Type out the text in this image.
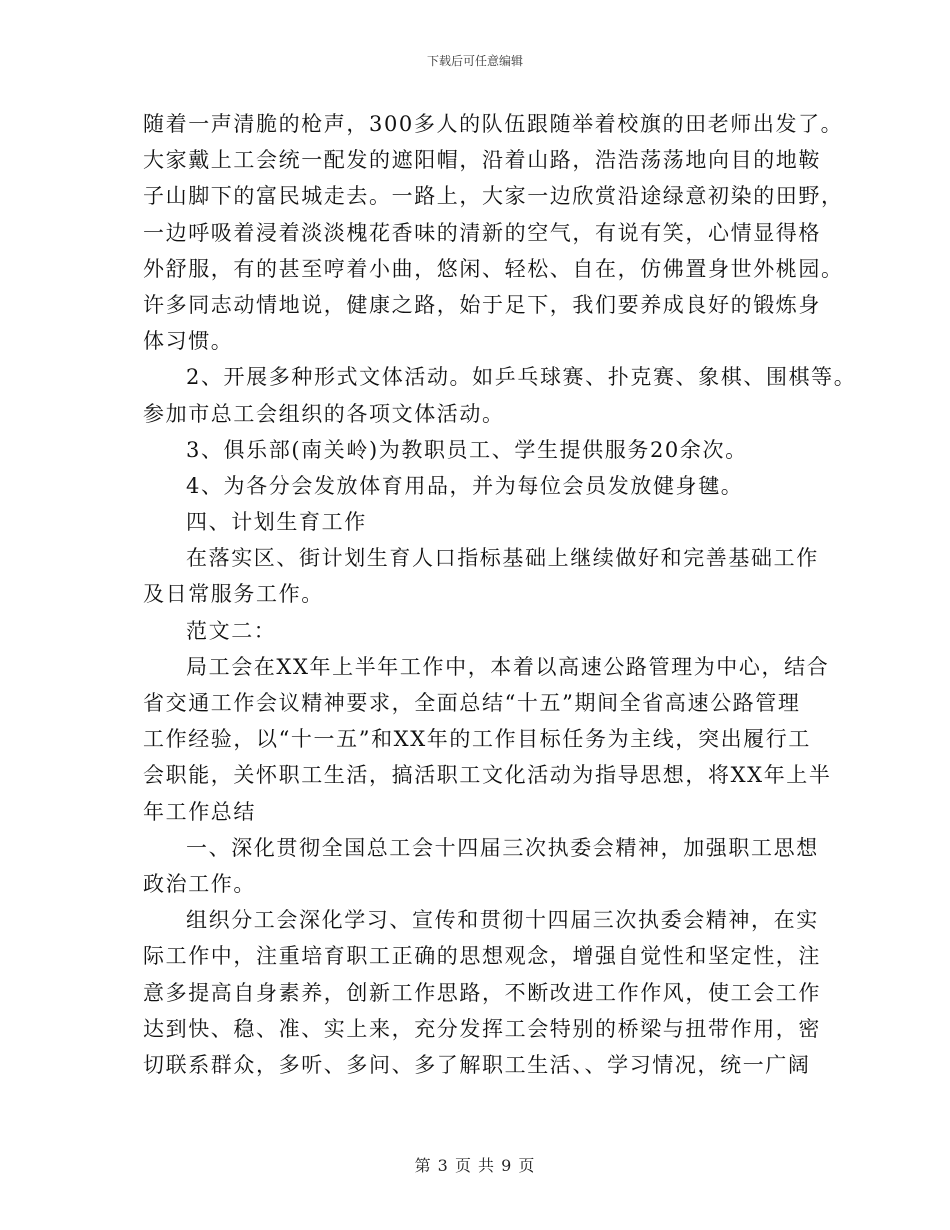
下载后可任意编辑
随着一声清脆的枪声，300多人的队伍跟随举着校旗的田老师出发了。
大家戴上工会统一配发的遮阳帽，沿着山路，浩浩荡荡地向目的地鞍
子山脚下的富民城走去。一路上，大家一边欣赏沿途绿意初染的田野，
一边呼吸着浸着淡淡槐花香味的清新的空气，有说有笑，心情显得格
外舒服，有的甚至哼着小曲，悠闲、轻松、自在，仿佛置身世外桃园。
许多同志动情地说，健康之路，始于足下，我们要养成良好的锻炼身
体习惯。
2、开展多种形式文体活动。如乒乓球赛、扑克赛、象棋、围棋等。
参加市总工会组织的各项文体活动。
3、俱乐部(南关岭)为教职员工、学生提供服务20余次。
4、为各分会发放体育用品，并为每位会员发放健身毽。
四、计划生育工作
在落实区、街计划生育人口指标基础上继续做好和完善基础工作
及日常服务工作。
范文二：
局工会在XX年上半年工作中，本着以高速公路管理为中心，结合
省交通工作会议精神要求，全面总结“十五”期间全省高速公路管理
工作经验，以“十一五”和XX年的工作目标任务为主线，突出履行工
会职能，关怀职工生活，搞活职工文化活动为指导思想，将XX年上半
年工作总结
一、深化贯彻全国总工会十四届三次执委会精神，加强职工思想
政治工作。
组织分工会深化学习、宣传和贯彻十四届三次执委会精神，在实
际工作中，注重培育职工正确的思想观念，增强自觉性和坚定性，注
意多提高自身素养，创新工作思路，不断改进工作作风，使工会工作
达到快、稳、准、实上来，充分发挥工会特别的桥梁与扭带作用，密
切联系群众，多听、多问、多了解职工生活、、学习情况，统一广阔
第 3 页 共 9 页
